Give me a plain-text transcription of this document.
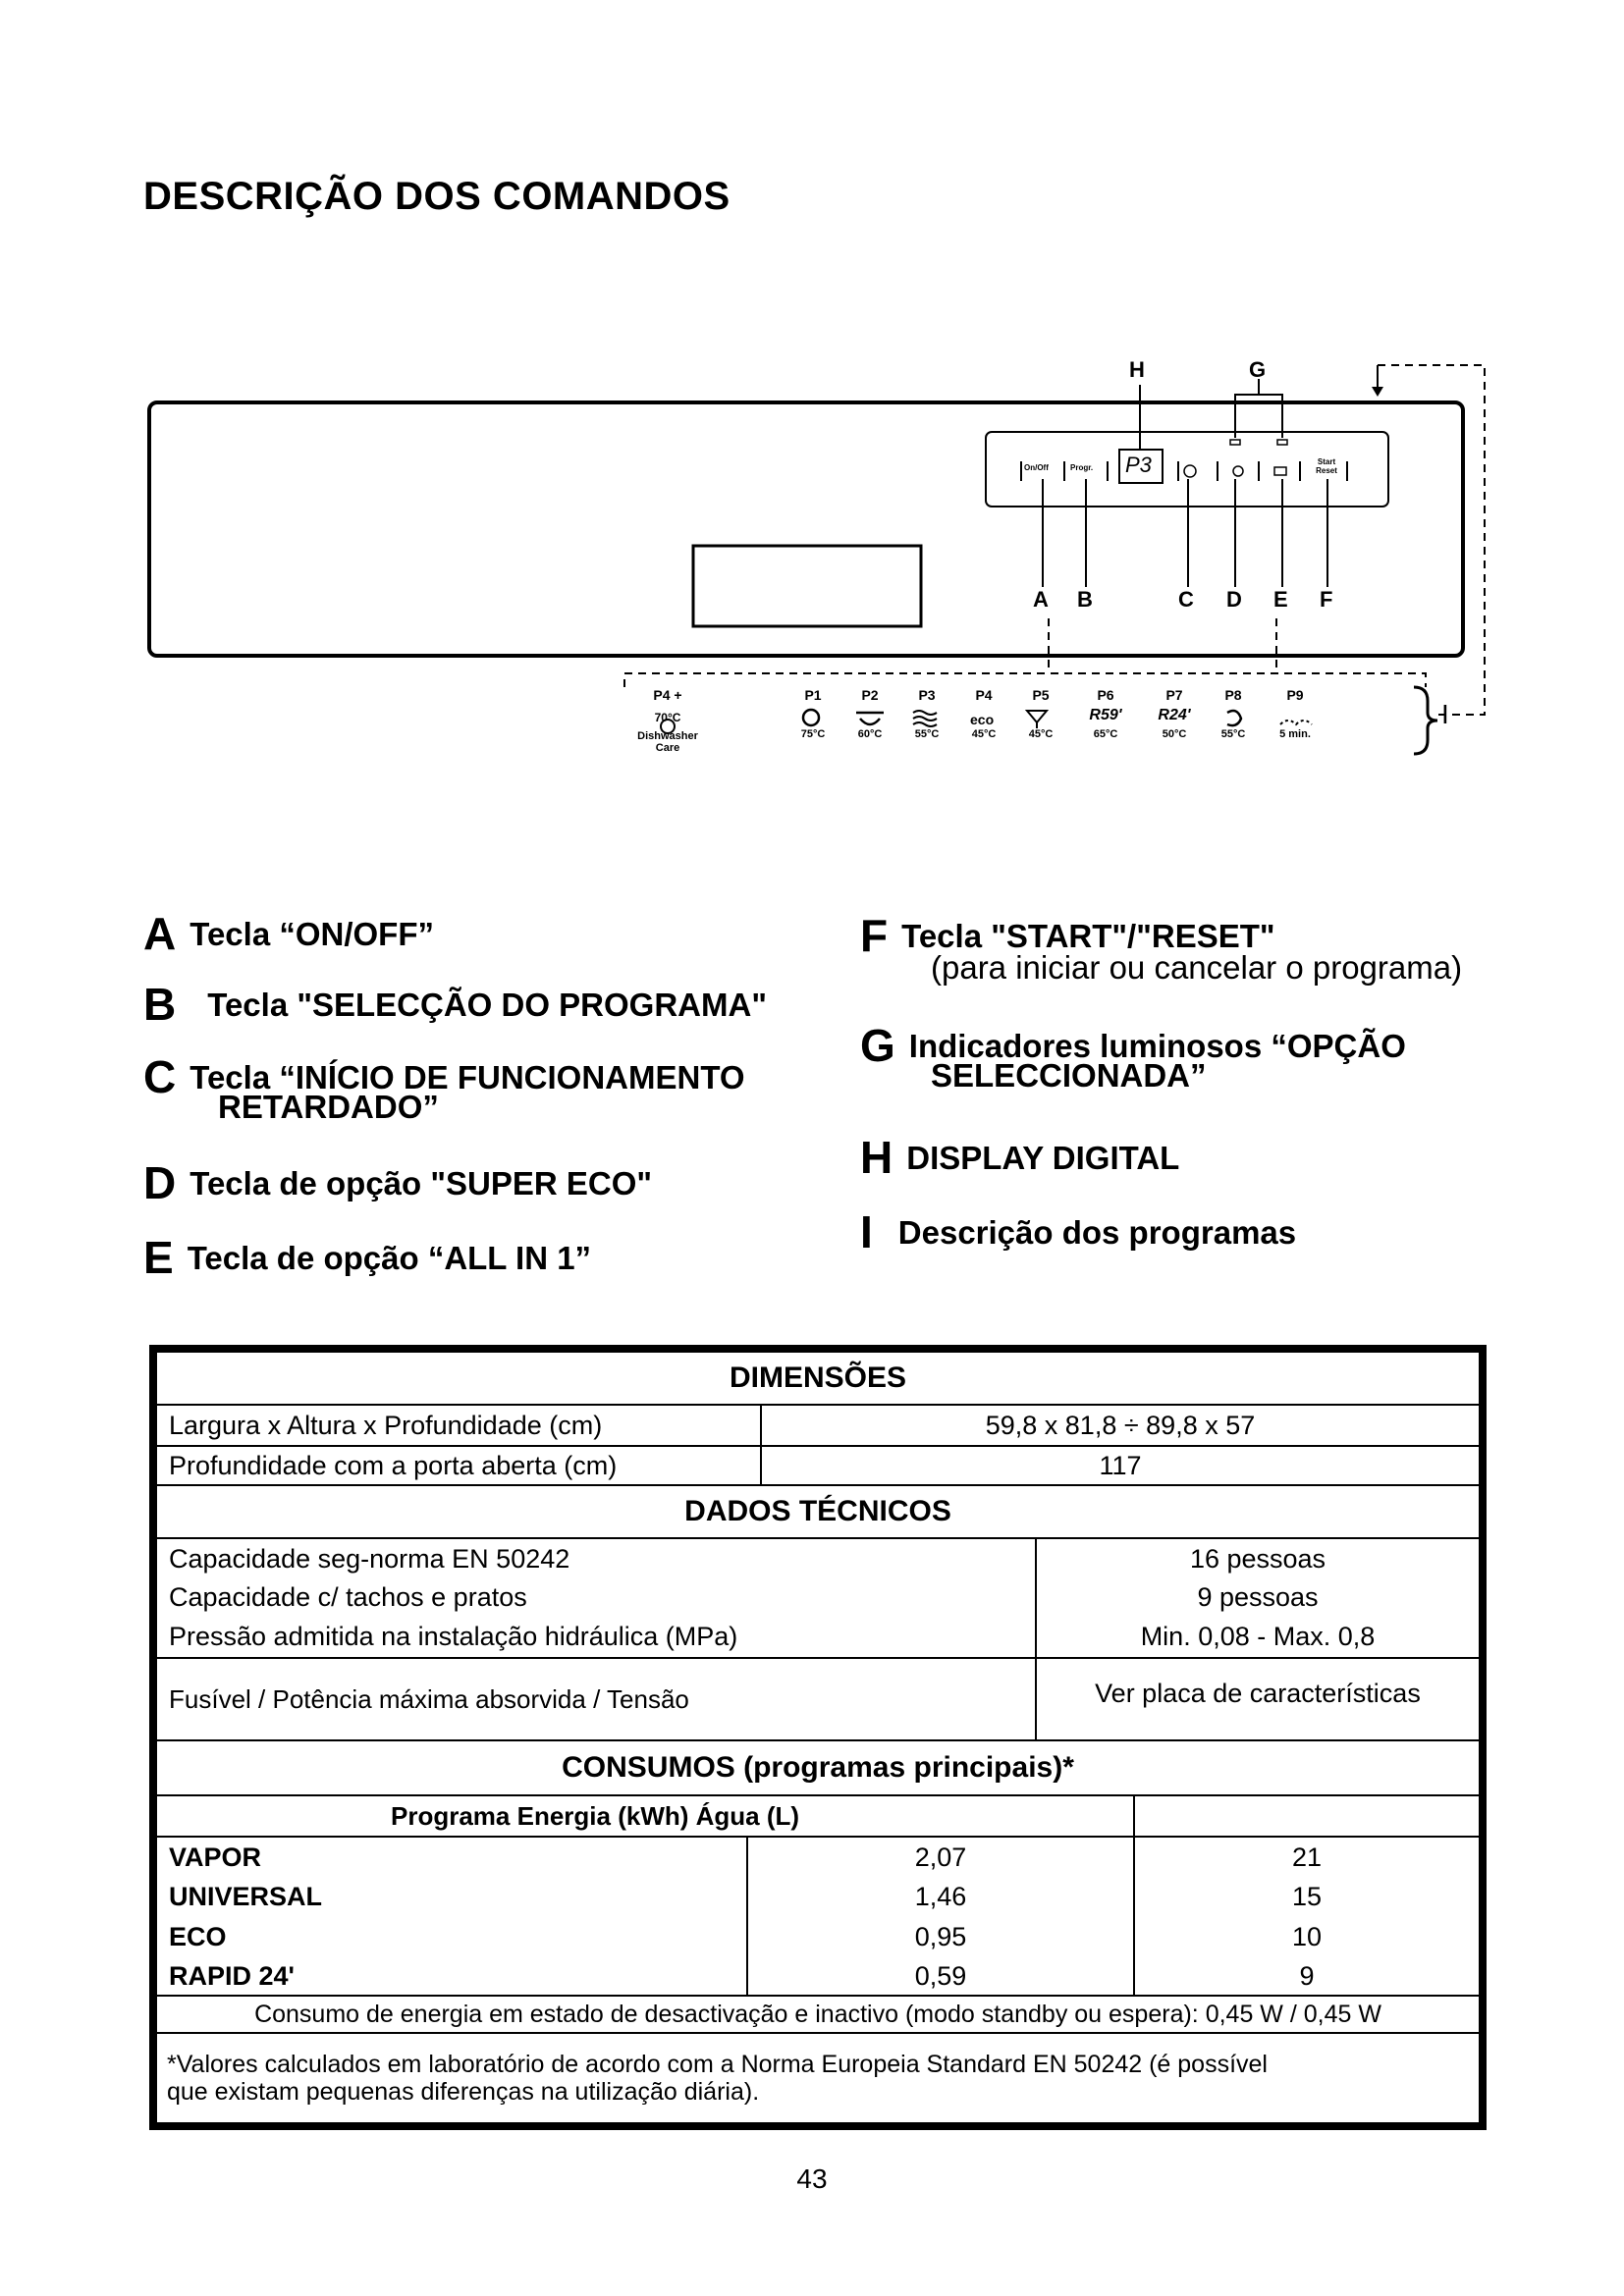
DESCRIÇÃO DOS COMANDOS
H	G
A B	C D E F
I
On/Off	Progr. P3	Start Reset
P4 +
70°C
Dishwasher Care
P1
75°C
P2
60°C
P3
55°C
P4
45°C
P5
45°C
P6
R59'
65°C
P7
R24'
50°C
P8
55°C
P9
5 min.
eco
A Tecla “ON/OFF”
B Tecla "SELECÇÃO DO PROGRAMA"
C Tecla “INÍCIO DE FUNCIONAMENTO
RETARDADO”
D Tecla de opção "SUPER ECO"
E Tecla de opção “ALL IN 1”
F Tecla "START"/"RESET"
(para iniciar ou cancelar o programa)
G Indicadores luminosos “OPÇÃO
SELECCIONADA”
H DISPLAY DIGITAL
I Descrição dos programas
DIMENSÕES
Largura x Altura x Profundidade (cm)	59,8 x 81,8 ÷ 89,8 x 57
Profundidade com a porta aberta (cm)	117
DADOS TÉCNICOS
Capacidade seg-norma EN 50242	16 pessoas
Capacidade c/ tachos e pratos	9 pessoas
Pressão admitida na instalação hidráulica (MPa)	Min. 0,08 - Max. 0,8
Fusível / Potência máxima absorvida / Tensão	Ver placa de características
CONSUMOS (programas principais)*
Programa Energia (kWh) Água (L)
VAPOR	2,07	21
UNIVERSAL	1,46	15
ECO	0,95	10
RAPID 24'	0,59	9
Consumo de energia em estado de desactivação e inactivo (modo standby ou espera): 0,45 W / 0,45 W
*Valores calculados em laboratório de acordo com a Norma Europeia Standard EN 50242 (é possível
que existam pequenas diferenças na utilização diária).
43
